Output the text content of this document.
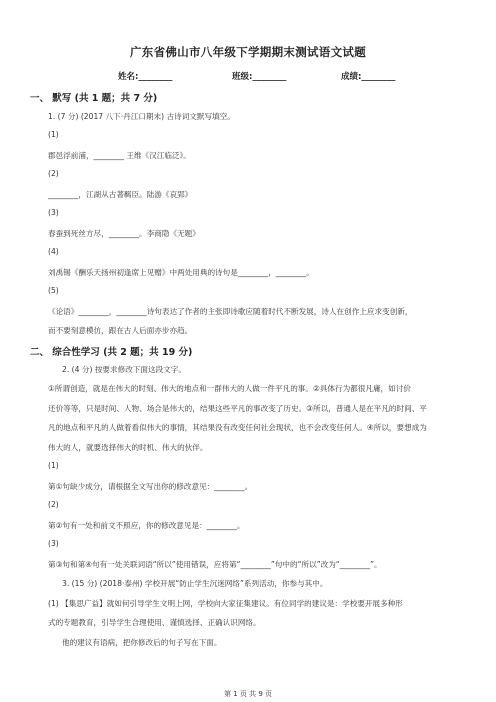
广东省佛山市八年级下学期期末测试语文试题
姓名:________	班级:________	成绩:________
一、 默写 (共 1 题；共 7 分)
1. (7 分) (2017 八下·丹江口期末) 古诗词文默写填空。
(1)
郡邑浮前浦，________ 王维《汉江临泛》。
(2)
________，江湖从古著羁臣。陆游《哀郢》
(3)
春蚕到死丝方尽，________。李商隐《无题》
(4)
刘禹锡《酬乐天扬州初逢席上见赠》中两处用典的诗句是________，________。
(5)
《论语》________，________诗句表达了作者的主张即诗歌应随着时代不断发展，诗人在创作上应求变创新，
而不要刻意模仿，跟在古人后面亦步亦趋。
二、 综合性学习 (共 2 题；共 19 分)
2. (4 分) 按要求修改下面这段文字。
①所谓创造，就是在伟大的时刻、伟大的地点和一群伟大的人做一件平凡的事。②具体行为都很凡庸，如讨价
还价等等，只是时间、人物、场合是伟大的，结果这些平凡的事改变了历史。③所以，普通人是在平凡的时间、平
凡的地点和平凡的人做着看似伟大的事情，其结果没有改变任何社会现状，也不会改变任何人。④所以，要想成为
伟大的人，就要选择伟大的时机、伟大的伙伴。
(1)
第①句缺少成分，请根据全文写出你的修改意见：________。
(2)
第②句有一处和前文不照应，你的修改意见是：________。
(3)
第③句和第④句有一处关联词语“所以”使用错误，应将第“________”句中的“所以”改为“________”。
3. (15 分) (2018·泰州) 学校开展“防止学生沉迷网络”系列活动，你参与其中。
(1) 【集思广益】就如何引导学生文明上网，学校向大家征集建议。有位同学的建议是：学校要开展多种形
式的专题教育，引导学生合理使用、谨慎选择、正确认识网络。
他的建议有语病，把你修改后的句子写在下面。
第 1 页 共 9 页
